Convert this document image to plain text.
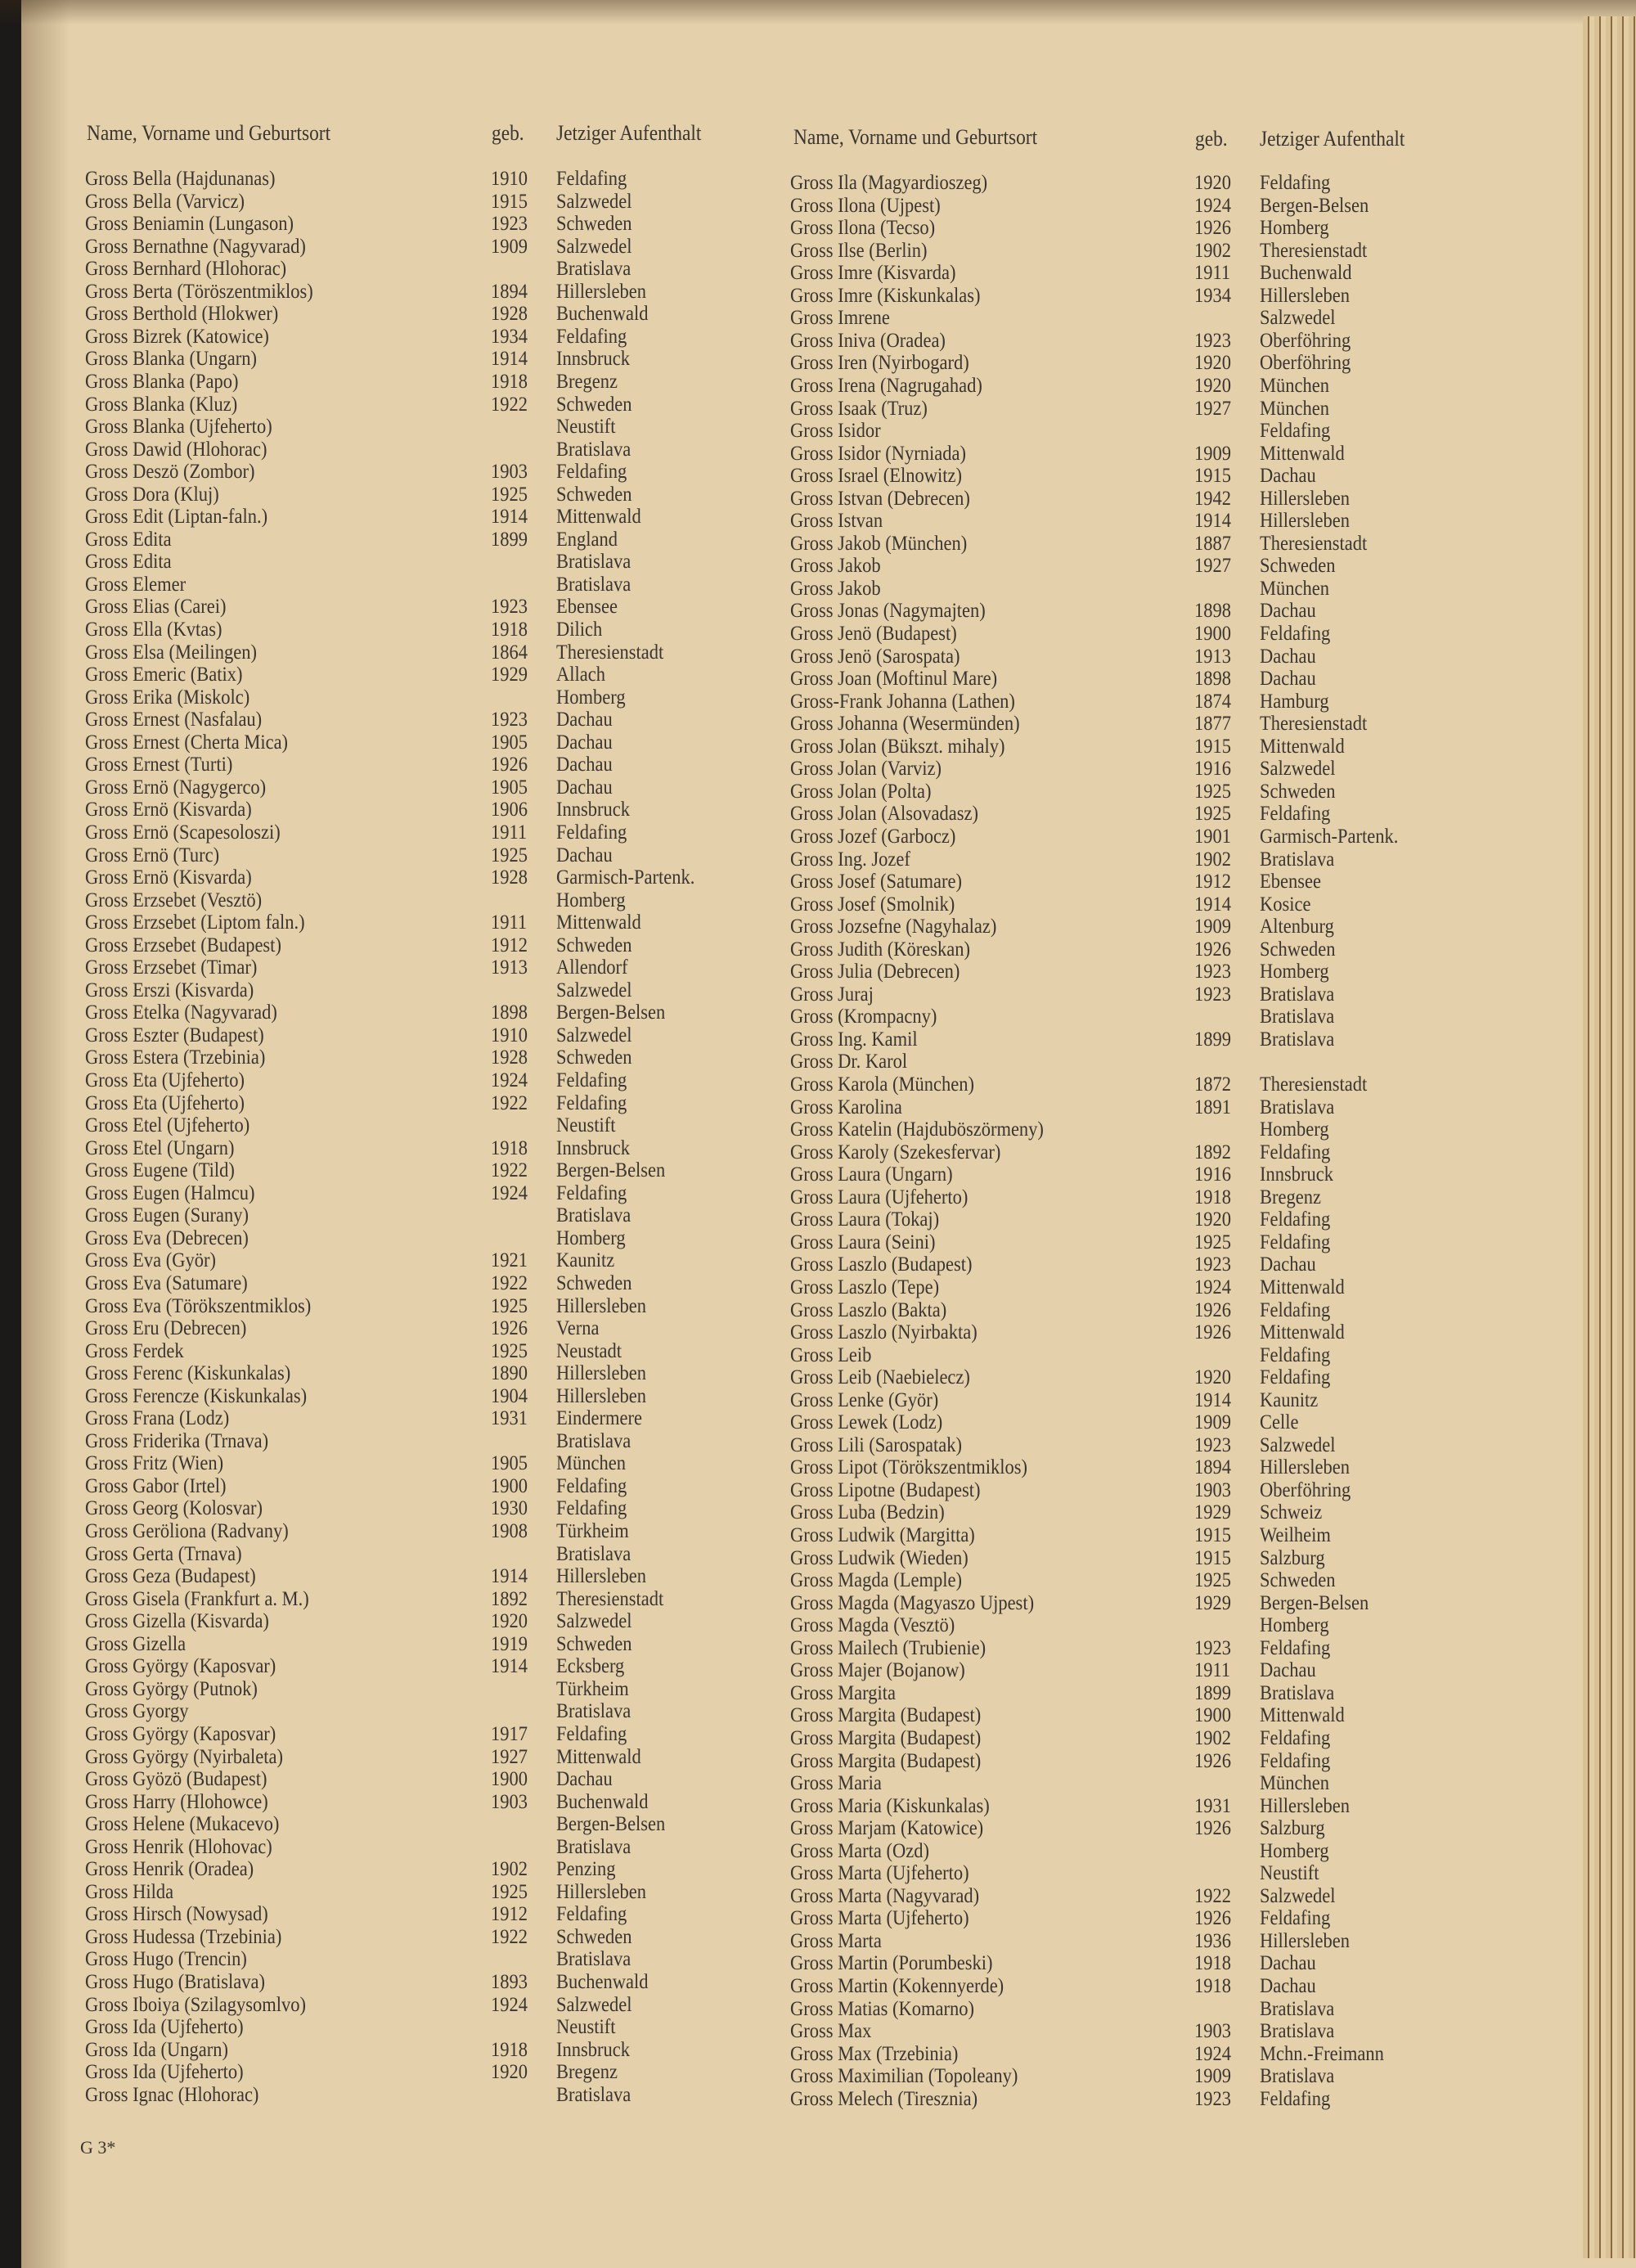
Name, Vorname und Geburtsort	geb. Jetziger Aufenthalt	Name, Vorname und Geburtsort	geb. Jetziger Aufenthalt
Gross Bella (Hajdunanas)	1910 Feldafing
Gross Bella (Varvicz)	1915 Salzwedel
Gross Beniamin (Lungason)	1923 Schweden
Gross Bernathne (Nagyvarad)	1909 Salzwedel
Gross Bernhard (Hlohorac)	Bratislava
Gross Berta (Töröszentmiklos)	1894 Hillersleben
Gross Berthold (Hlokwer)	1928 Buchenwald
Gross Bizrek (Katowice)	1934 Feldafing
Gross Blanka (Ungarn)	1914 Innsbruck
Gross Blanka (Papo)	1918 Bregenz
Gross Blanka (Kluz)	1922 Schweden
Gross Blanka (Ujfeherto)	Neustift
Gross Dawid (Hlohorac)	Bratislava
Gross Deszö (Zombor)	1903 Feldafing
Gross Dora (Kluj)	1925 Schweden
Gross Edit (Liptan-faln.)	1914 Mittenwald
Gross Edita	1899 England
Gross Edita	Bratislava
Gross Elemer	Bratislava
Gross Elias (Carei)	1923 Ebensee
Gross Ella (Kvtas)	1918 Dilich
Gross Elsa (Meilingen)	1864 Theresienstadt
Gross Emeric (Batix)	1929 Allach
Gross Erika (Miskolc)	Homberg
Gross Ernest (Nasfalau)	1923 Dachau
Gross Ernest (Cherta Mica)	1905 Dachau
Gross Ernest (Turti)	1926 Dachau
Gross Ernö (Nagygerco)	1905 Dachau
Gross Ernö (Kisvarda)	1906 Innsbruck
Gross Ernö (Scapesoloszi)	1911 Feldafing
Gross Ernö (Turc)	1925 Dachau
Gross Ernö (Kisvarda)	1928 Garmisch-Partenk.
Gross Erzsebet (Vesztö)	Homberg
Gross Erzsebet (Liptom faln.)	1911 Mittenwald
Gross Erzsebet (Budapest)	1912 Schweden
Gross Erzsebet (Timar)	1913 Allendorf
Gross Erszi (Kisvarda)	Salzwedel
Gross Etelka (Nagyvarad)	1898 Bergen-Belsen
Gross Eszter (Budapest)	1910 Salzwedel
Gross Estera (Trzebinia)	1928 Schweden
Gross Eta (Ujfeherto)	1924 Feldafing
Gross Eta (Ujfeherto)	1922 Feldafing
Gross Etel (Ujfeherto)	Neustift
Gross Etel (Ungarn)	1918 Innsbruck
Gross Eugene (Tild)	1922 Bergen-Belsen
Gross Eugen (Halmcu)	1924 Feldafing
Gross Eugen (Surany)	Bratislava
Gross Eva (Debrecen)	Homberg
Gross Eva (Györ)	1921 Kaunitz
Gross Eva (Satumare)	1922 Schweden
Gross Eva (Törökszentmiklos)	1925 Hillersleben
Gross Eru (Debrecen)	1926 Verna
Gross Ferdek	1925 Neustadt
Gross Ferenc (Kiskunkalas)	1890 Hillersleben
Gross Ferencze (Kiskunkalas)	1904 Hillersleben
Gross Frana (Lodz)	1931 Eindermere
Gross Friderika (Trnava)	Bratislava
Gross Fritz (Wien)	1905 München
Gross Gabor (Irtel)	1900 Feldafing
Gross Georg (Kolosvar)	1930 Feldafing
Gross Geröliona (Radvany)	1908 Türkheim
Gross Gerta (Trnava)	Bratislava
Gross Geza (Budapest)	1914 Hillersleben
Gross Gisela (Frankfurt a. M.)	1892 Theresienstadt
Gross Gizella (Kisvarda)	1920 Salzwedel
Gross Gizella	1919 Schweden
Gross György (Kaposvar)	1914 Ecksberg
Gross György (Putnok)	Türkheim
Gross Gyorgy	Bratislava
Gross György (Kaposvar)	1917 Feldafing
Gross György (Nyirbaleta)	1927 Mittenwald
Gross Gyözö (Budapest)	1900 Dachau
Gross Harry (Hlohowce)	1903 Buchenwald
Gross Helene (Mukacevo)	Bergen-Belsen
Gross Henrik (Hlohovac)	Bratislava
Gross Henrik (Oradea)	1902 Penzing
Gross Hilda	1925 Hillersleben
Gross Hirsch (Nowysad)	1912 Feldafing
Gross Hudessa (Trzebinia)	1922 Schweden
Gross Hugo (Trencin)	Bratislava
Gross Hugo (Bratislava)	1893 Buchenwald
Gross Iboiya (Szilagysomlvo)	1924 Salzwedel
Gross Ida (Ujfeherto)	Neustift
Gross Ida (Ungarn)	1918 Innsbruck
Gross Ida (Ujfeherto)	1920 Bregenz
Gross Ignac (Hlohorac)	Bratislava
Gross Ila (Magyardioszeg)	1920 Feldafing
Gross Ilona (Ujpest)	1924 Bergen-Belsen
Gross Ilona (Tecso)	1926 Homberg
Gross Ilse (Berlin)	1902 Theresienstadt
Gross Imre (Kisvarda)	1911 Buchenwald
Gross Imre (Kiskunkalas)	1934 Hillersleben
Gross Imrene	Salzwedel
Gross Iniva (Oradea)	1923 Oberföhring
Gross Iren (Nyirbogard)	1920 Oberföhring
Gross Irena (Nagrugahad)	1920 München
Gross Isaak (Truz)	1927 München
Gross Isidor	Feldafing
Gross Isidor (Nyrniada)	1909 Mittenwald
Gross Israel (Elnowitz)	1915 Dachau
Gross Istvan (Debrecen)	1942 Hillersleben
Gross Istvan	1914 Hillersleben
Gross Jakob (München)	1887 Theresienstadt
Gross Jakob	1927 Schweden
Gross Jakob	München
Gross Jonas (Nagymajten)	1898 Dachau
Gross Jenö (Budapest)	1900 Feldafing
Gross Jenö (Sarospata)	1913 Dachau
Gross Joan (Moftinul Mare)	1898 Dachau
Gross-Frank Johanna (Lathen)	1874 Hamburg
Gross Johanna (Wesermünden)	1877 Theresienstadt
Gross Jolan (Bükszt. mihaly)	1915 Mittenwald
Gross Jolan (Varviz)	1916 Salzwedel
Gross Jolan (Polta)	1925 Schweden
Gross Jolan (Alsovadasz)	1925 Feldafing
Gross Jozef (Garbocz)	1901 Garmisch-Partenk.
Gross Ing. Jozef	1902 Bratislava
Gross Josef (Satumare)	1912 Ebensee
Gross Josef (Smolnik)	1914 Kosice
Gross Jozsefne (Nagyhalaz)	1909 Altenburg
Gross Judith (Köreskan)	1926 Schweden
Gross Julia (Debrecen)	1923 Homberg
Gross Juraj	1923 Bratislava
Gross (Krompacny)	Bratislava
Gross Ing. Kamil	1899 Bratislava
Gross Dr. Karol
Gross Karola (München)	1872 Theresienstadt
Gross Karolina	1891 Bratislava
Gross Katelin (Hajduböszörmeny)	Homberg
Gross Karoly (Szekesfervar)	1892 Feldafing
Gross Laura (Ungarn)	1916 Innsbruck
Gross Laura (Ujfeherto)	1918 Bregenz
Gross Laura (Tokaj)	1920 Feldafing
Gross Laura (Seini)	1925 Feldafing
Gross Laszlo (Budapest)	1923 Dachau
Gross Laszlo (Tepe)	1924 Mittenwald
Gross Laszlo (Bakta)	1926 Feldafing
Gross Laszlo (Nyirbakta)	1926 Mittenwald
Gross Leib	Feldafing
Gross Leib (Naebielecz)	1920 Feldafing
Gross Lenke (Györ)	1914 Kaunitz
Gross Lewek (Lodz)	1909 Celle
Gross Lili (Sarospatak)	1923 Salzwedel
Gross Lipot (Törökszentmiklos)	1894 Hillersleben
Gross Lipotne (Budapest)	1903 Oberföhring
Gross Luba (Bedzin)	1929 Schweiz
Gross Ludwik (Margitta)	1915 Weilheim
Gross Ludwik (Wieden)	1915 Salzburg
Gross Magda (Lemple)	1925 Schweden
Gross Magda (Magyaszo Ujpest)	1929 Bergen-Belsen
Gross Magda (Vesztö)	Homberg
Gross Mailech (Trubienie)	1923 Feldafing
Gross Majer (Bojanow)	1911 Dachau
Gross Margita	1899 Bratislava
Gross Margita (Budapest)	1900 Mittenwald
Gross Margita (Budapest)	1902 Feldafing
Gross Margita (Budapest)	1926 Feldafing
Gross Maria	München
Gross Maria (Kiskunkalas)	1931 Hillersleben
Gross Marjam (Katowice)	1926 Salzburg
Gross Marta (Ozd)	Homberg
Gross Marta (Ujfeherto)	Neustift
Gross Marta (Nagyvarad)	1922 Salzwedel
Gross Marta (Ujfeherto)	1926 Feldafing
Gross Marta	1936 Hillersleben
Gross Martin (Porumbeski)	1918 Dachau
Gross Martin (Kokennyerde)	1918 Dachau
Gross Matias (Komarno)	Bratislava
Gross Max	1903 Bratislava
Gross Max (Trzebinia)	1924 Mchn.-Freimann
Gross Maximilian (Topoleany)	1909 Bratislava
Gross Melech (Tiresznia)	1923 Feldafing
G 3*
